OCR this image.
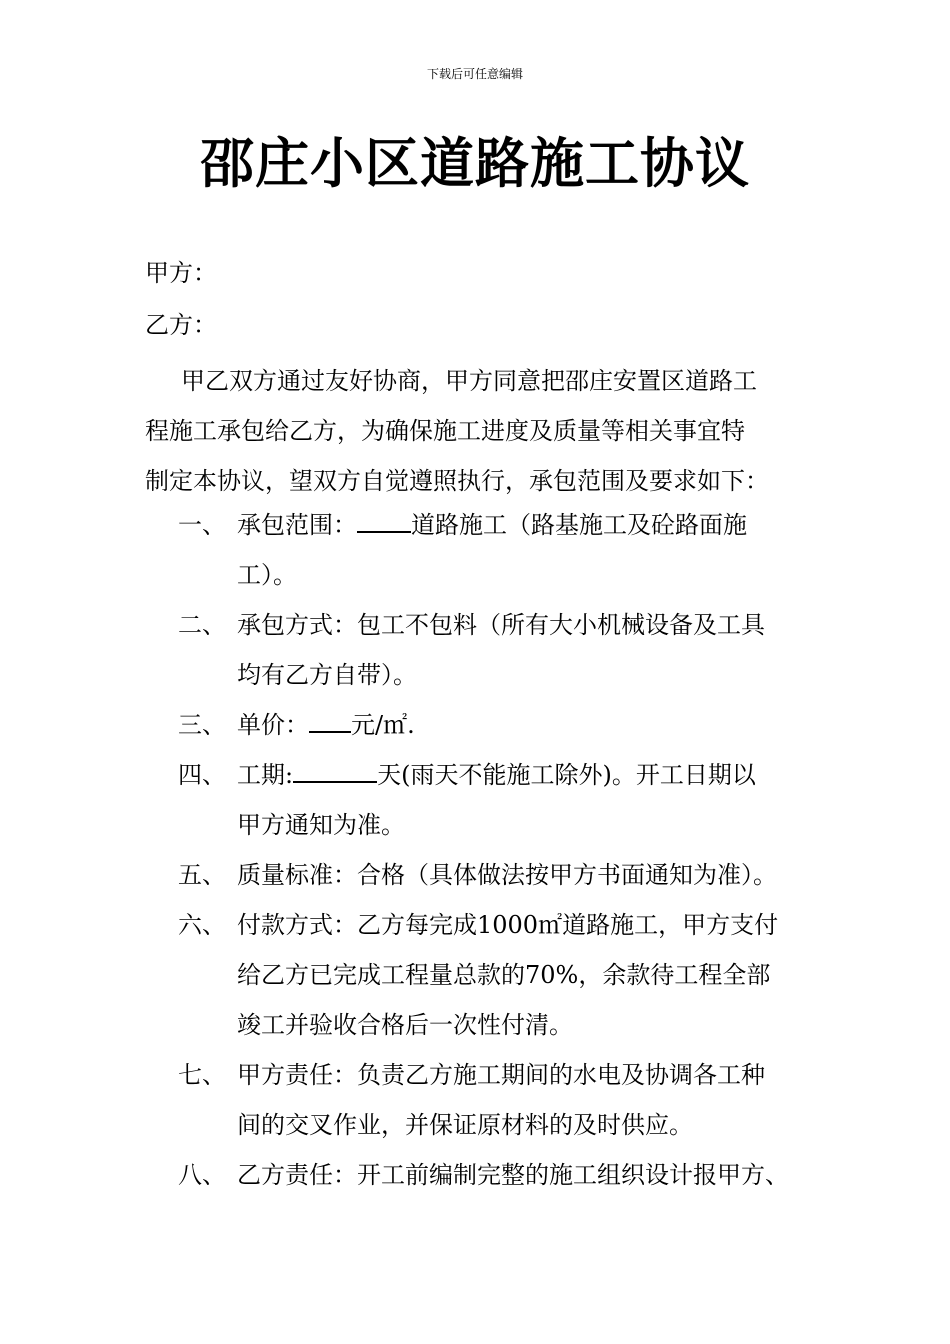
下载后可任意编辑
邵庄小区道路施工协议
甲方：
乙方：
甲乙双方通过友好协商，甲方同意把邵庄安置区道路工
程施工承包给乙方，为确保施工进度及质量等相关事宜特
制定本协议，望双方自觉遵照执行，承包范围及要求如下：
一、 承包范围： 道路施工（路基施工及砼路面施
工）。
二、 承包方式：包工不包料（所有大小机械设备及工具
均有乙方自带）。
三、 单价： 元/㎡.
四、 工期:	天(雨天不能施工除外)。开工日期以
甲方通知为准。
五、 质量标准：合格（具体做法按甲方书面通知为准）。
六、 付款方式：乙方每完成1000㎡道路施工，甲方支付
给乙方已完成工程量总款的70%，余款待工程全部
竣工并验收合格后一次性付清。
七、 甲方责任：负责乙方施工期间的水电及协调各工种
间的交叉作业，并保证原材料的及时供应。
八、 乙方责任：开工前编制完整的施工组织设计报甲方、
